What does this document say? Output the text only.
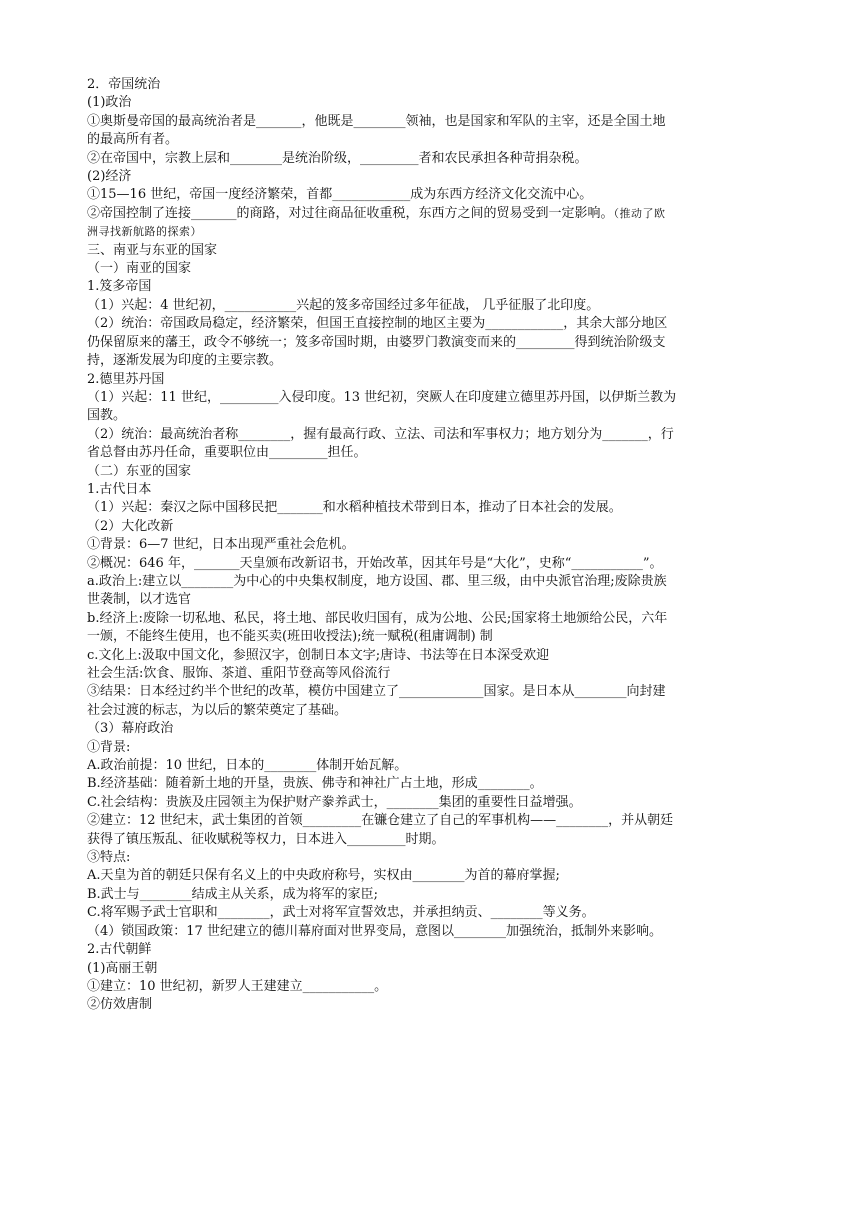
2．帝国统治

(1)政治

①奥斯曼帝国的最高统治者是_______，他既是________领袖，也是国家和军队的主宰，还是全国土地

的最高所有者。

②在帝国中，宗教上层和________是统治阶级，_________者和农民承担各种苛捐杂税。

(2)经济

①15—16 世纪，帝国一度经济繁荣，首都____________成为东西方经济文化交流中心。

②帝国控制了连接_______的商路，对过往商品征收重税，东西方之间的贸易受到一定影响。（推动了欧

洲寻找新航路的探索）

三、南亚与东亚的国家

（一）南亚的国家

1.笈多帝国

（1）兴起：4 世纪初，___________兴起的笈多帝国经过多年征战， 几乎征服了北印度。

（2）统治：帝国政局稳定，经济繁荣，但国王直接控制的地区主要为____________，其余大部分地区

仍保留原来的藩王，政令不够统一；笈多帝国时期，由婆罗门教演变而来的_________得到统治阶级支

持，逐渐发展为印度的主要宗教。

2.德里苏丹国

（1）兴起：11 世纪，_________入侵印度。13 世纪初，突厥人在印度建立德里苏丹国，以伊斯兰教为

国教。

（2）统治：最高统治者称________，握有最高行政、立法、司法和军事权力；地方划分为_______，行

省总督由苏丹任命，重要职位由_________担任。

（二）东亚的国家

1.古代日本

（1）兴起：秦汉之际中国移民把_______和水稻种植技术带到日本，推动了日本社会的发展。

（2）大化改新

①背景：6—7 世纪，日本出现严重社会危机。

②概况：646 年，_______天皇颁布改新诏书，开始改革，因其年号是“大化”，史称“___________”。

a.政治上:建立以________为中心的中央集权制度，地方设国、郡、里三级，由中央派官治理;废除贵族

世袭制，以才选官

b.经济上:废除一切私地、私民，将土地、部民收归国有，成为公地、公民;国家将土地颁给公民，六年

一颁，不能终生使用，也不能买卖(班田收授法);统一赋税(租庸调制) 制

c.文化上:汲取中国文化，参照汉字，创制日本文字;唐诗、书法等在日本深受欢迎

社会生活:饮食、服饰、茶道、重阳节登高等风俗流行

③结果：日本经过约半个世纪的改革，模仿中国建立了_____________国家。是日本从________向封建

社会过渡的标志，为以后的繁荣奠定了基础。

（3）幕府政治

①背景:

A.政治前提：10 世纪，日本的________体制开始瓦解。

B.经济基础：随着新土地的开垦，贵族、佛寺和神社广占土地，形成________。

C.社会结构：贵族及庄园领主为保护财产豢养武士，________集团的重要性日益增强。

②建立：12 世纪末，武士集团的首领_________在镰仓建立了自己的军事机构——________，并从朝廷

获得了镇压叛乱、征收赋税等权力，日本进入_________时期。

③特点:

A.天皇为首的朝廷只保有名义上的中央政府称号，实权由________为首的幕府掌握;

B.武士与________结成主从关系，成为将军的家臣;

C.将军赐予武士官职和________，武士对将军宣誓效忠，并承担纳贡、________等义务。

（4）锁国政策：17 世纪建立的德川幕府面对世界变局，意图以________加强统治，抵制外来影响。

2.古代朝鲜

(1)高丽王朝

①建立：10 世纪初，新罗人王建建立___________。

②仿效唐制
